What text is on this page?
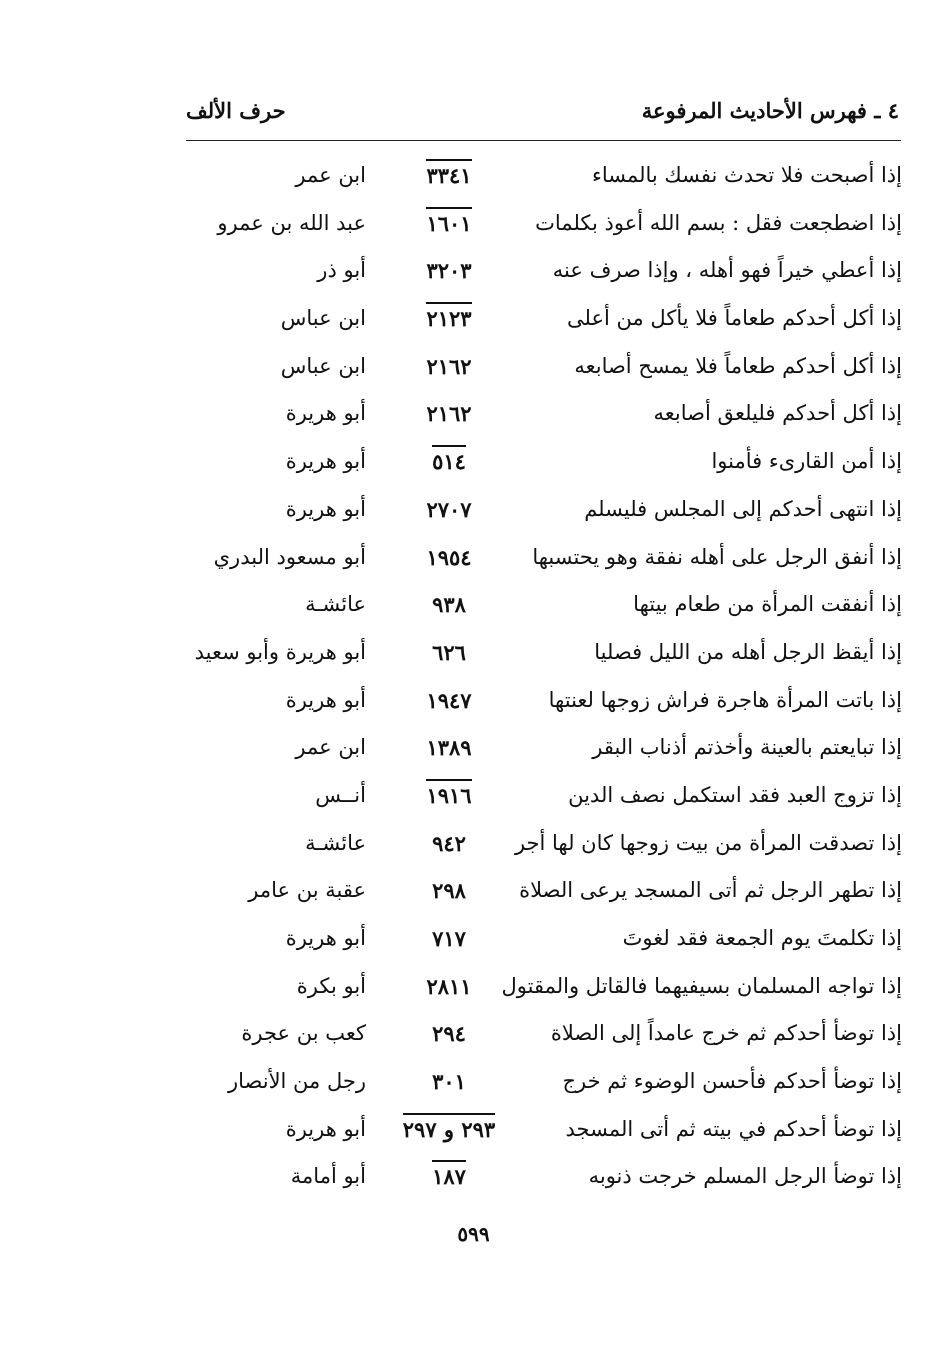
٤ ـ فهرس الأحاديث المرفوعة
حرف الألف
إذا أصبحت فلا تحدث نفسك بالمساء
٣٣٤١
ابن عمر
إذا اضطجعت فقل : بسم الله أعوذ بكلمات
١٦٠١
عبد الله بن عمرو
إذا أعطي خيراً فهو أهله ، وإذا صرف عنه
٣٢٠٣
أبو ذر
إذا أكل أحدكم طعاماً فلا يأكل من أعلى
٢١٢٣
ابن عباس
إذا أكل أحدكم طعاماً فلا يمسح أصابعه
٢١٦٢
ابن عباس
إذا أكل أحدكم فليلعق أصابعه
٢١٦٢
أبو هريرة
إذا أمن القارىء فأمنوا
٥١٤
أبو هريرة
إذا انتهى أحدكم إلى المجلس فليسلم
٢٧٠٧
أبو هريرة
إذا أنفق الرجل على أهله نفقة وهو يحتسبها
١٩٥٤
أبو مسعود البدري
إذا أنفقت المرأة من طعام بيتها
٩٣٨
عائشـة
إذا أيقظ الرجل أهله من الليل فصليا
٦٢٦
أبو هريرة وأبو سعيد
إذا باتت المرأة هاجرة فراش زوجها لعنتها
١٩٤٧
أبو هريرة
إذا تبايعتم بالعينة وأخذتم أذناب البقر
١٣٨٩
ابن عمر
إذا تزوج العبد فقد استكمل نصف الدين
١٩١٦
أنــس
إذا تصدقت المرأة من بيت زوجها كان لها أجر
٩٤٢
عائشـة
إذا تطهر الرجل ثم أتى المسجد يرعى الصلاة
٢٩٨
عقبة بن عامر
إذا تكلمتَ يوم الجمعة فقد لغوتَ
٧١٧
أبو هريرة
إذا تواجه المسلمان بسيفيهما فالقاتل والمقتول
٢٨١١
أبو بكرة
إذا توضأ أحدكم ثم خرج عامداً إلى الصلاة
٢٩٤
كعب بن عجرة
إذا توضأ أحدكم فأحسن الوضوء ثم خرج
٣٠١
رجل من الأنصار
إذا توضأ أحدكم في بيته ثم أتى المسجد
٢٩٣ و ٢٩٧
أبو هريرة
إذا توضأ الرجل المسلم خرجت ذنوبه
١٨٧
أبو أمامة
٥٩٩
